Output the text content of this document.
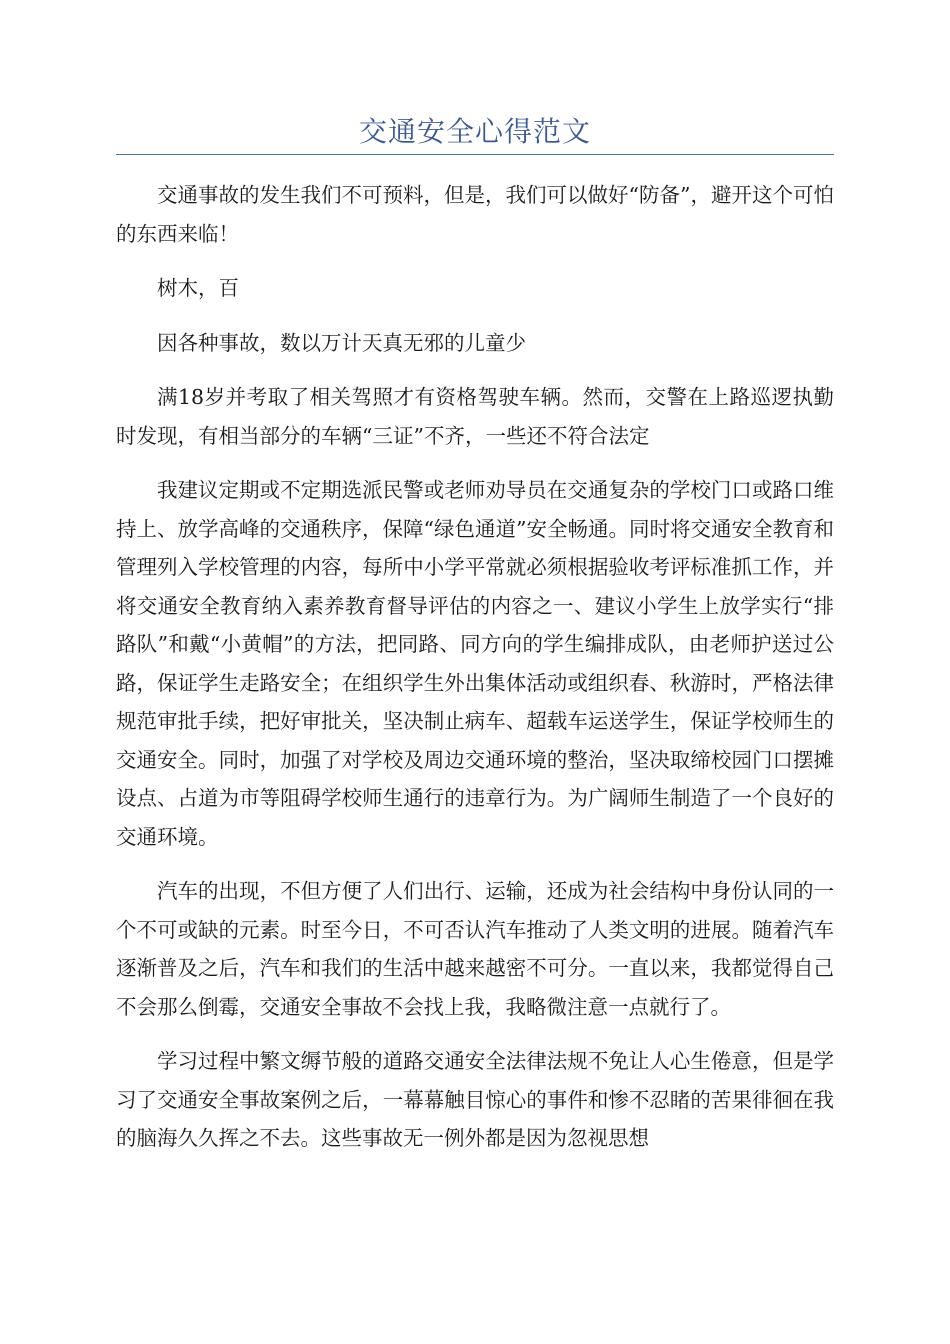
交通安全心得范文

交通事故的发生我们不可预料，但是，我们可以做好“防备”，避开这个可怕的东西来临！

树木，百

因各种事故，数以万计天真无邪的儿童少

满18岁并考取了相关驾照才有资格驾驶车辆。然而，交警在上路巡逻执勤时发现，有相当部分的车辆“三证”不齐，一些还不符合法定

我建议定期或不定期选派民警或老师劝导员在交通复杂的学校门口或路口维持上、放学高峰的交通秩序，保障“绿色通道”安全畅通。同时将交通安全教育和管理列入学校管理的内容，每所中小学平常就必须根据验收考评标准抓工作，并将交通安全教育纳入素养教育督导评估的内容之一、建议小学生上放学实行“排路队”和戴“小黄帽”的方法，把同路、同方向的学生编排成队，由老师护送过公路，保证学生走路安全；在组织学生外出集体活动或组织春、秋游时，严格法律规范审批手续，把好审批关，坚决制止病车、超载车运送学生，保证学校师生的交通安全。同时，加强了对学校及周边交通环境的整治，坚决取缔校园门口摆摊设点、占道为市等阻碍学校师生通行的违章行为。为广阔师生制造了一个良好的交通环境。

汽车的出现，不但方便了人们出行、运输，还成为社会结构中身份认同的一个不可或缺的元素。时至今日，不可否认汽车推动了人类文明的进展。随着汽车逐渐普及之后，汽车和我们的生活中越来越密不可分。一直以来，我都觉得自己不会那么倒霉，交通安全事故不会找上我，我略微注意一点就行了。

学习过程中繁文缛节般的道路交通安全法律法规不免让人心生倦意，但是学习了交通安全事故案例之后，一幕幕触目惊心的事件和惨不忍睹的苦果徘徊在我的脑海久久挥之不去。这些事故无一例外都是因为忽视思想
